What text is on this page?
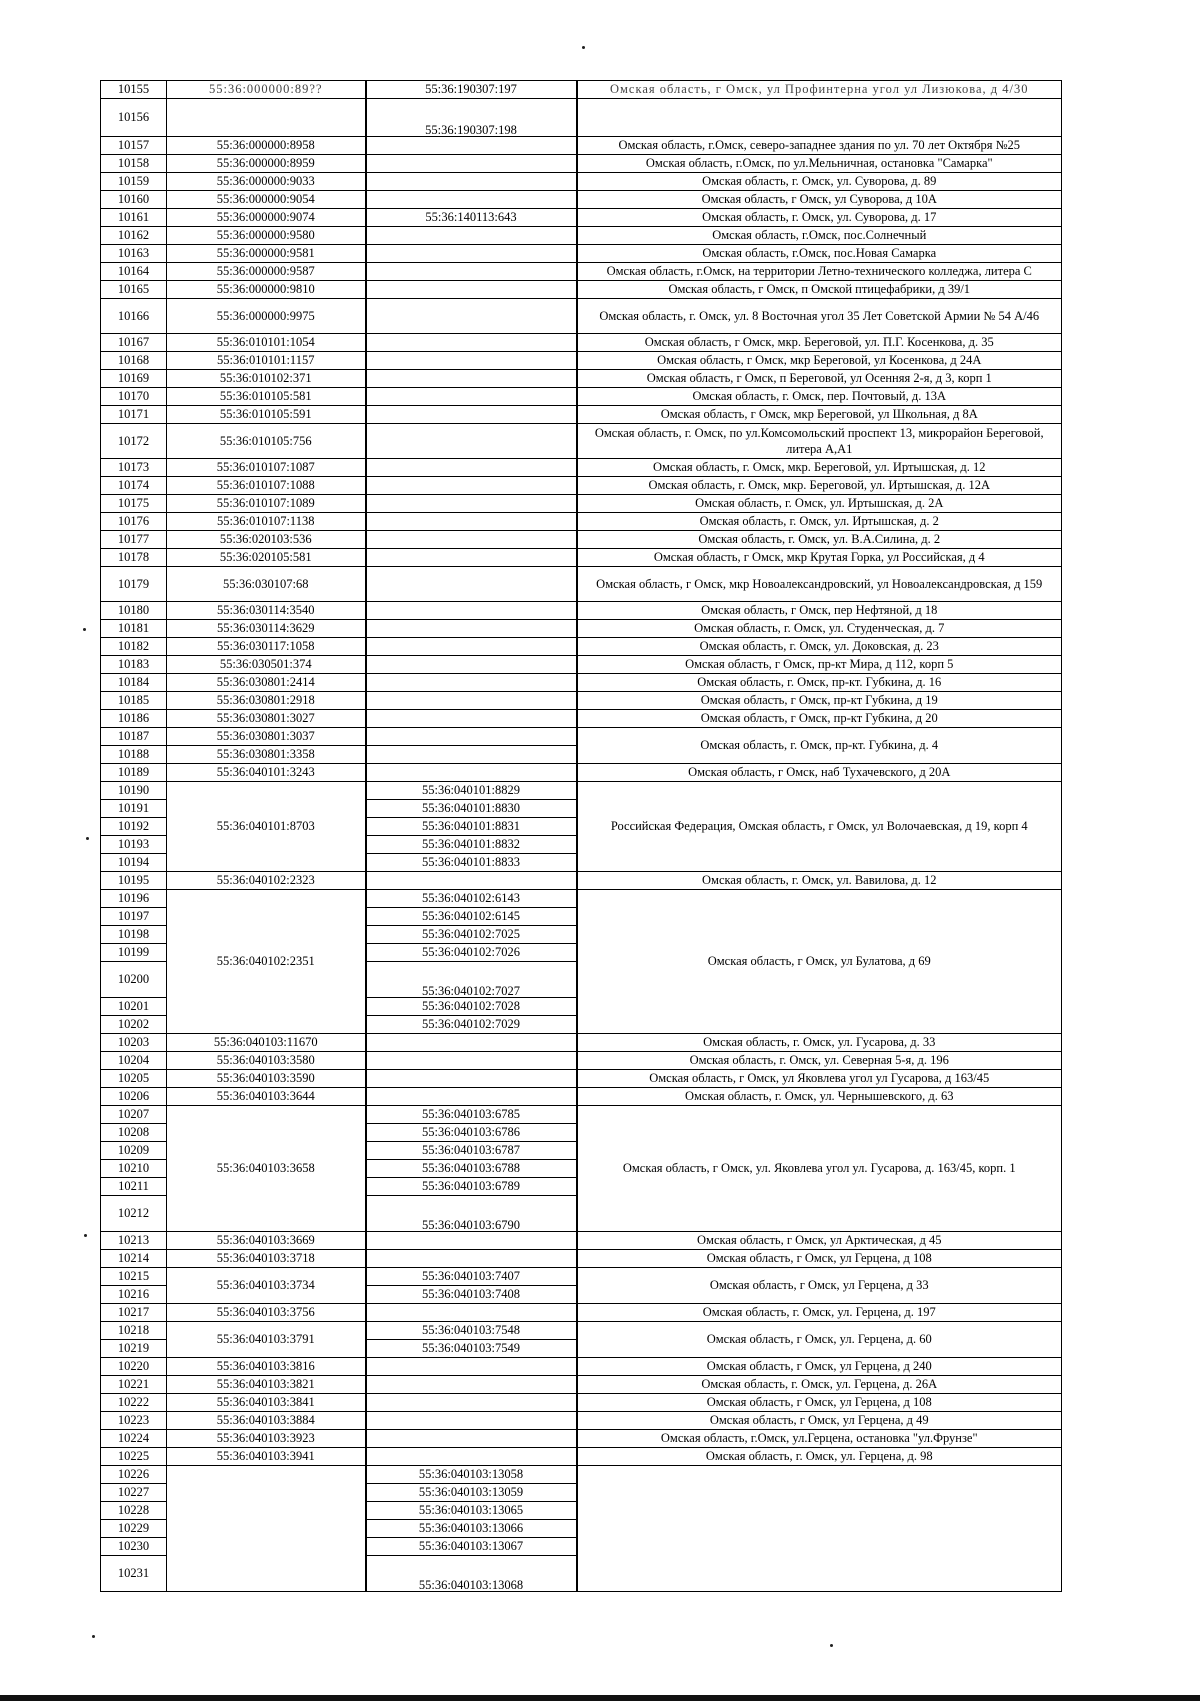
10155	55:36:000000:89??	55:36:190307:197	Омская область, г Омск, ул Профинтерна угол ул Лизюкова, д 4/30
10156		55:36:190307:198	
10157	55:36:000000:8958		Омская область, г.Омск, северо-западнее здания по ул. 70 лет Октября №25
10158	55:36:000000:8959		Омская область, г.Омск, по ул.Мельничная, остановка "Самарка"
10159	55:36:000000:9033		Омская область, г. Омск, ул. Суворова, д. 89
10160	55:36:000000:9054		Омская область, г Омск, ул Суворова, д 10А
10161	55:36:000000:9074	55:36:140113:643	Омская область, г. Омск, ул. Суворова, д. 17
10162	55:36:000000:9580		Омская область, г.Омск, пос.Солнечный
10163	55:36:000000:9581		Омская область, г.Омск, пос.Новая Самарка
10164	55:36:000000:9587		Омская область, г.Омск, на территории Летно-технического колледжа, литера С
10165	55:36:000000:9810		Омская область, г Омск, п Омской птицефабрики, д 39/1
10166	55:36:000000:9975		Омская область, г. Омск, ул. 8 Восточная угол 35 Лет Советской Армии № 54 А/46
10167	55:36:010101:1054		Омская область, г Омск, мкр. Береговой, ул. П.Г. Косенкова, д. 35
10168	55:36:010101:1157		Омская область, г Омск, мкр Береговой, ул Косенкова, д 24А
10169	55:36:010102:371		Омская область, г Омск, п Береговой, ул Осенняя 2-я, д 3, корп 1
10170	55:36:010105:581		Омская область, г. Омск, пер. Почтовый, д. 13А
10171	55:36:010105:591		Омская область, г Омск, мкр Береговой, ул Школьная, д 8А
10172	55:36:010105:756		Омская область, г. Омск, по ул.Комсомольский проспект 13, микрорайон Береговой, литера А,А1
10173	55:36:010107:1087		Омская область, г. Омск, мкр. Береговой, ул. Иртышская, д. 12
10174	55:36:010107:1088		Омская область, г. Омск, мкр. Береговой, ул. Иртышская, д. 12А
10175	55:36:010107:1089		Омская область, г. Омск, ул. Иртышская, д. 2А
10176	55:36:010107:1138		Омская область, г. Омск, ул. Иртышская, д. 2
10177	55:36:020103:536		Омская область, г. Омск, ул. В.А.Силина, д. 2
10178	55:36:020105:581		Омская область, г Омск, мкр Крутая Горка, ул Российская, д 4
10179	55:36:030107:68		Омская область, г Омск, мкр Новоалександровский, ул Новоалександровская, д 159
10180	55:36:030114:3540		Омская область, г Омск, пер Нефтяной, д 18
10181	55:36:030114:3629		Омская область, г. Омск, ул. Студенческая, д. 7
10182	55:36:030117:1058		Омская область, г. Омск, ул. Доковская, д. 23
10183	55:36:030501:374		Омская область, г Омск, пр-кт Мира, д 112, корп 5
10184	55:36:030801:2414		Омская область, г. Омск, пр-кт. Губкина, д. 16
10185	55:36:030801:2918		Омская область, г Омск, пр-кт Губкина, д 19
10186	55:36:030801:3027		Омская область, г Омск, пр-кт Губкина, д 20
10187	55:36:030801:3037		Омская область, г. Омск, пр-кт. Губкина, д. 4
10188	55:36:030801:3358		
10189	55:36:040101:3243		Омская область, г Омск, наб Тухачевского, д 20А
10190	55:36:040101:8703	55:36:040101:8829	Российская Федерация, Омская область, г Омск, ул Волочаевская, д 19, корп 4
10191		55:36:040101:8830	
10192		55:36:040101:8831	
10193		55:36:040101:8832	
10194		55:36:040101:8833	
10195	55:36:040102:2323		Омская область, г. Омск, ул. Вавилова, д. 12
10196	55:36:040102:2351	55:36:040102:6143	Омская область, г Омск, ул Булатова, д 69
10197		55:36:040102:6145	
10198		55:36:040102:7025	
10199		55:36:040102:7026	
10200		55:36:040102:7027	
10201		55:36:040102:7028	
10202		55:36:040102:7029	
10203	55:36:040103:11670		Омская область, г. Омск, ул. Гусарова, д. 33
10204	55:36:040103:3580		Омская область, г. Омск, ул. Северная 5-я, д. 196
10205	55:36:040103:3590		Омская область, г Омск, ул Яковлева угол ул Гусарова, д 163/45
10206	55:36:040103:3644		Омская область, г. Омск, ул. Чернышевского, д. 63
10207	55:36:040103:3658	55:36:040103:6785	Омская область, г Омск, ул. Яковлева угол ул. Гусарова, д. 163/45, корп. 1
10208		55:36:040103:6786	
10209		55:36:040103:6787	
10210		55:36:040103:6788	
10211		55:36:040103:6789	
10212		55:36:040103:6790	
10213	55:36:040103:3669		Омская область, г Омск, ул Арктическая, д 45
10214	55:36:040103:3718		Омская область, г Омск, ул Герцена, д 108
10215	55:36:040103:3734	55:36:040103:7407	Омская область, г Омск, ул Герцена, д 33
10216		55:36:040103:7408	
10217	55:36:040103:3756		Омская область, г. Омск, ул. Герцена, д. 197
10218	55:36:040103:3791	55:36:040103:7548	Омская область, г Омск, ул. Герцена, д. 60
10219		55:36:040103:7549	
10220	55:36:040103:3816		Омская область, г Омск, ул Герцена, д 240
10221	55:36:040103:3821		Омская область, г. Омск, ул. Герцена, д. 26А
10222	55:36:040103:3841		Омская область, г Омск, ул Герцена, д 108
10223	55:36:040103:3884		Омская область, г Омск, ул Герцена, д 49
10224	55:36:040103:3923		Омская область, г.Омск, ул.Герцена, остановка "ул.Фрунзе"
10225	55:36:040103:3941		Омская область, г. Омск, ул. Герцена, д. 98
10226		55:36:040103:13058	
10227		55:36:040103:13059	
10228		55:36:040103:13065	
10229		55:36:040103:13066	
10230		55:36:040103:13067	
10231		55:36:040103:13068	
